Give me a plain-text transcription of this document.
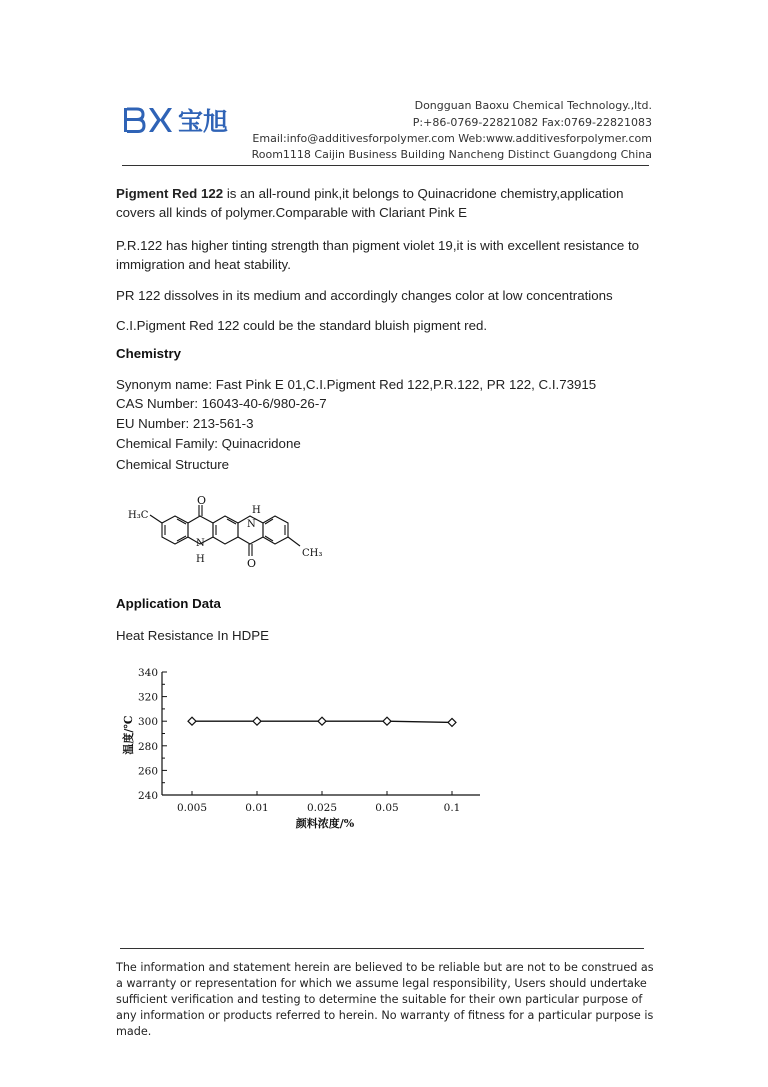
宝旭
Dongguan Baoxu Chemical Technology.,ltd.
P:+86-0769-22821082 Fax:0769-22821083
Email:info@additivesforpolymer.com Web:www.additivesforpolymer.com
Room1118 Caijin Business Building Nancheng Distinct Guangdong China
Pigment Red 122 is an all-round pink,it belongs to Quinacridone chemistry,application covers all kinds of polymer.Comparable with Clariant Pink E
P.R.122 has higher tinting strength than pigment violet 19,it is with excellent resistance to immigration and heat stability.
PR 122 dissolves in its medium and accordingly changes color at low concentrations
C.I.Pigment Red 122 could be the standard bluish pigment red.
Chemistry
Synonym name: Fast Pink E 01,C.I.Pigment Red 122,P.R.122, PR 122, C.I.73915
CAS Number: 16043-40-6/980-26-7
EU Number: 213-561-3
Chemical Family: Quinacridone
Chemical Structure
O
O
N
H
N
H
H₃C
CH₃
Application Data
Heat Resistance In HDPE
240
260
280
300
320
340
0.005	0.01	0.025	0.05	0.1
温度/℃
颜料浓度/%
The information and statement herein are believed to be reliable but are not to be construed as a warranty or representation for which we assume legal responsibility, Users should undertake sufficient verification and testing to determine the suitable for their own particular purpose of any information or products referred to herein. No warranty of fitness for a particular purpose is made.
